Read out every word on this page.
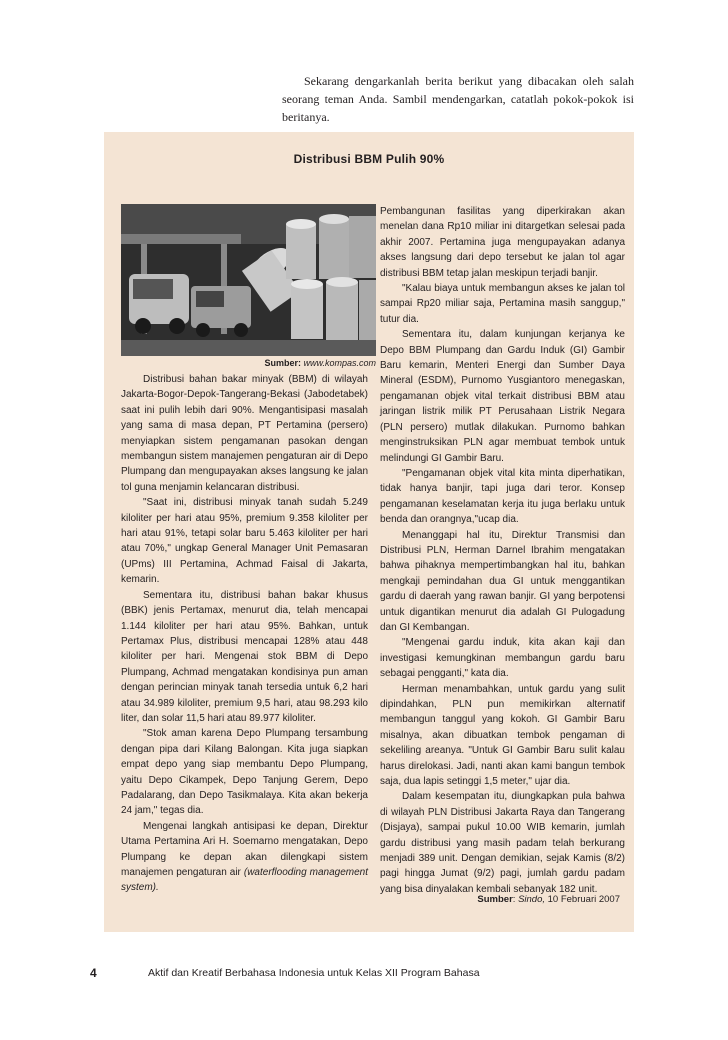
Sekarang dengarkanlah berita berikut yang dibacakan oleh salah seorang teman Anda. Sambil mendengarkan, catatlah pokok-pokok isi beritanya.

Distribusi BBM Pulih 90%
Sumber: www.kompas.com

Distribusi bahan bakar minyak (BBM) di wilayah Jakarta-Bogor-Depok-Tangerang-Bekasi (Jabodetabek) saat ini pulih lebih dari 90%. Mengantisipasi masalah yang sama di masa depan, PT Pertamina (persero) menyiapkan sistem pengamanan pasokan dengan membangun sistem manajemen pengaturan air di Depo Plumpang dan mengupayakan akses langsung ke jalan tol guna menjamin kelancaran distribusi.

"Saat ini, distribusi minyak tanah sudah 5.249 kiloliter per hari atau 95%, premium 9.358 kiloliter per hari atau 91%, tetapi solar baru 5.463 kiloliter per hari atau 70%," ungkap General Manager Unit Pemasaran (UPms) III Pertamina, Achmad Faisal di Jakarta, kemarin.

Sementara itu, distribusi bahan bakar khusus (BBK) jenis Pertamax, menurut dia, telah mencapai 1.144 kiloliter per hari atau 95%. Bahkan, untuk Pertamax Plus, distribusi mencapai 128% atau 448 kiloliter per hari. Mengenai stok BBM di Depo Plumpang, Achmad mengatakan kondisinya pun aman dengan perincian minyak tanah tersedia untuk 6,2 hari atau 34.989 kiloliter, premium 9,5 hari, atau 98.293 kilo liter, dan solar 11,5 hari atau 89.977 kiloliter.

"Stok aman karena Depo Plumpang tersambung dengan pipa dari Kilang Balongan. Kita juga siapkan empat depo yang siap membantu Depo Plumpang, yaitu Depo Cikampek, Depo Tanjung Gerem, Depo Padalarang, dan Depo Tasikmalaya. Kita akan bekerja 24 jam," tegas dia.

Mengenai langkah antisipasi ke depan, Direktur Utama Pertamina Ari H. Soemarno mengatakan, Depo Plumpang ke depan akan dilengkapi sistem manajemen pengaturan air (waterflooding management system).

Pembangunan fasilitas yang diperkirakan akan menelan dana Rp10 miliar ini ditargetkan selesai pada akhir 2007. Pertamina juga mengupayakan adanya akses langsung dari depo tersebut ke jalan tol agar distribusi BBM tetap jalan meskipun terjadi banjir.

"Kalau biaya untuk membangun akses ke jalan tol sampai Rp20 miliar saja, Pertamina masih sanggup," tutur dia.

Sementara itu, dalam kunjungan kerjanya ke Depo BBM Plumpang dan Gardu Induk (GI) Gambir Baru kemarin, Menteri Energi dan Sumber Daya Mineral (ESDM), Purnomo Yusgiantoro menegaskan, pengamanan objek vital terkait distribusi BBM atau jaringan listrik milik PT Perusahaan Listrik Negara (PLN persero) mutlak dilakukan. Purnomo bahkan menginstruksikan PLN agar membuat tembok untuk melindungi GI Gambir Baru.

"Pengamanan objek vital kita minta diperhatikan, tidak hanya banjir, tapi juga dari teror. Konsep pengamanan keselamatan kerja itu juga berlaku untuk benda dan orangnya,"ucap dia.

Menanggapi hal itu, Direktur Transmisi dan Distribusi PLN, Herman Darnel Ibrahim mengatakan bahwa pihaknya mempertimbangkan hal itu, bahkan mengkaji pemindahan dua GI untuk menggantikan gardu di daerah yang rawan banjir. GI yang berpotensi untuk digantikan menurut dia adalah GI Pulogadung dan GI Kembangan.

"Mengenai gardu induk, kita akan kaji dan investigasi kemungkinan membangun gardu baru sebagai pengganti," kata dia.

Herman menambahkan, untuk gardu yang sulit dipindahkan, PLN pun memikirkan alternatif membangun tanggul yang kokoh. GI Gambir Baru misalnya, akan dibuatkan tembok pengaman di sekeliling areanya. "Untuk GI Gambir Baru sulit kalau harus direlokasi. Jadi, nanti akan kami bangun tembok saja, dua lapis setinggi 1,5 meter," ujar dia.

Dalam kesempatan itu, diungkapkan pula bahwa di wilayah PLN Distribusi Jakarta Raya dan Tangerang (Disjaya), sampai pukul 10.00 WIB kemarin, jumlah gardu distribusi yang masih padam telah berkurang menjadi 389 unit. Dengan demikian, sejak Kamis (8/2) pagi hingga Jumat (9/2) pagi, jumlah gardu padam yang bisa dinyalakan kembali sebanyak 182 unit.

Sumber: Sindo, 10 Februari 2007
4	Aktif dan Kreatif Berbahasa Indonesia untuk Kelas XII Program Bahasa
